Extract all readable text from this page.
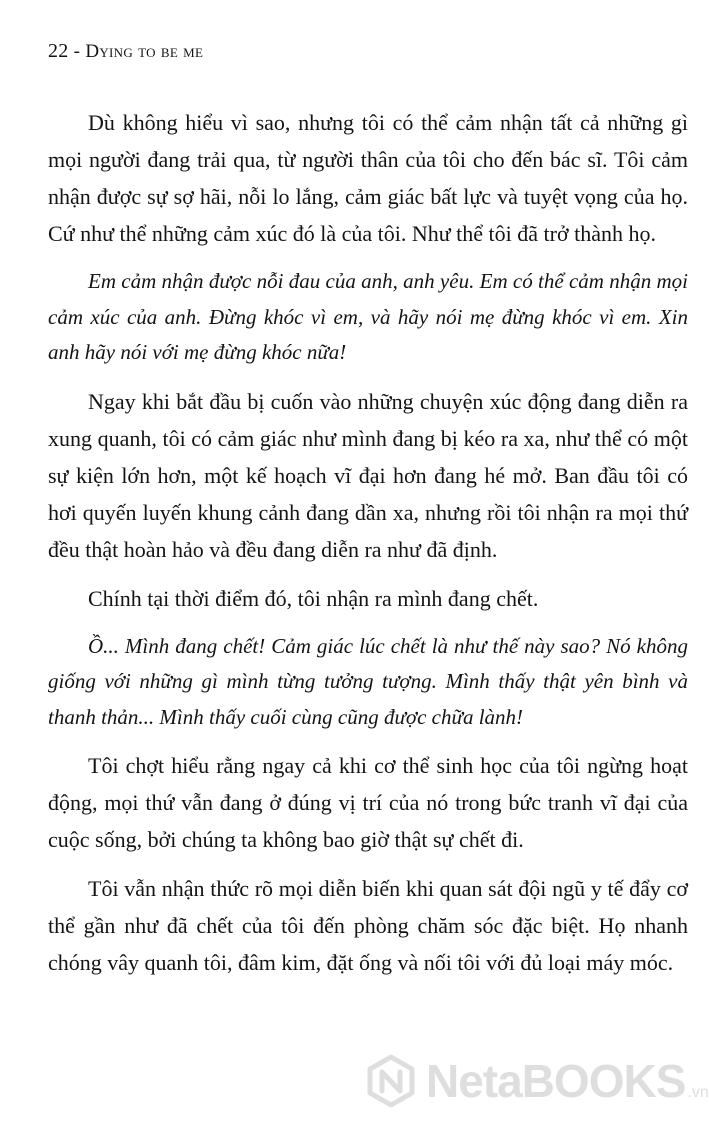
22 - Dying to be me

Dù không hiểu vì sao, nhưng tôi có thể cảm nhận tất cả những gì mọi người đang trải qua, từ người thân của tôi cho đến bác sĩ. Tôi cảm nhận được sự sợ hãi, nỗi lo lắng, cảm giác bất lực và tuyệt vọng của họ. Cứ như thể những cảm xúc đó là của tôi. Như thể tôi đã trở thành họ.

Em cảm nhận được nỗi đau của anh, anh yêu. Em có thể cảm nhận mọi cảm xúc của anh. Đừng khóc vì em, và hãy nói mẹ đừng khóc vì em. Xin anh hãy nói với mẹ đừng khóc nữa!

Ngay khi bắt đầu bị cuốn vào những chuyện xúc động đang diễn ra xung quanh, tôi có cảm giác như mình đang bị kéo ra xa, như thể có một sự kiện lớn hơn, một kế hoạch vĩ đại hơn đang hé mở. Ban đầu tôi có hơi quyến luyến khung cảnh đang dần xa, nhưng rồi tôi nhận ra mọi thứ đều thật hoàn hảo và đều đang diễn ra như đã định.

Chính tại thời điểm đó, tôi nhận ra mình đang chết.

Ồ... Mình đang chết! Cảm giác lúc chết là như thế này sao? Nó không giống với những gì mình từng tưởng tượng. Mình thấy thật yên bình và thanh thản... Mình thấy cuối cùng cũng được chữa lành!

Tôi chợt hiểu rằng ngay cả khi cơ thể sinh học của tôi ngừng hoạt động, mọi thứ vẫn đang ở đúng vị trí của nó trong bức tranh vĩ đại của cuộc sống, bởi chúng ta không bao giờ thật sự chết đi.

Tôi vẫn nhận thức rõ mọi diễn biến khi quan sát đội ngũ y tế đẩy cơ thể gần như đã chết của tôi đến phòng chăm sóc đặc biệt. Họ nhanh chóng vây quanh tôi, đâm kim, đặt ống và nối tôi với đủ loại máy móc.

NetaBOOKS .vn
